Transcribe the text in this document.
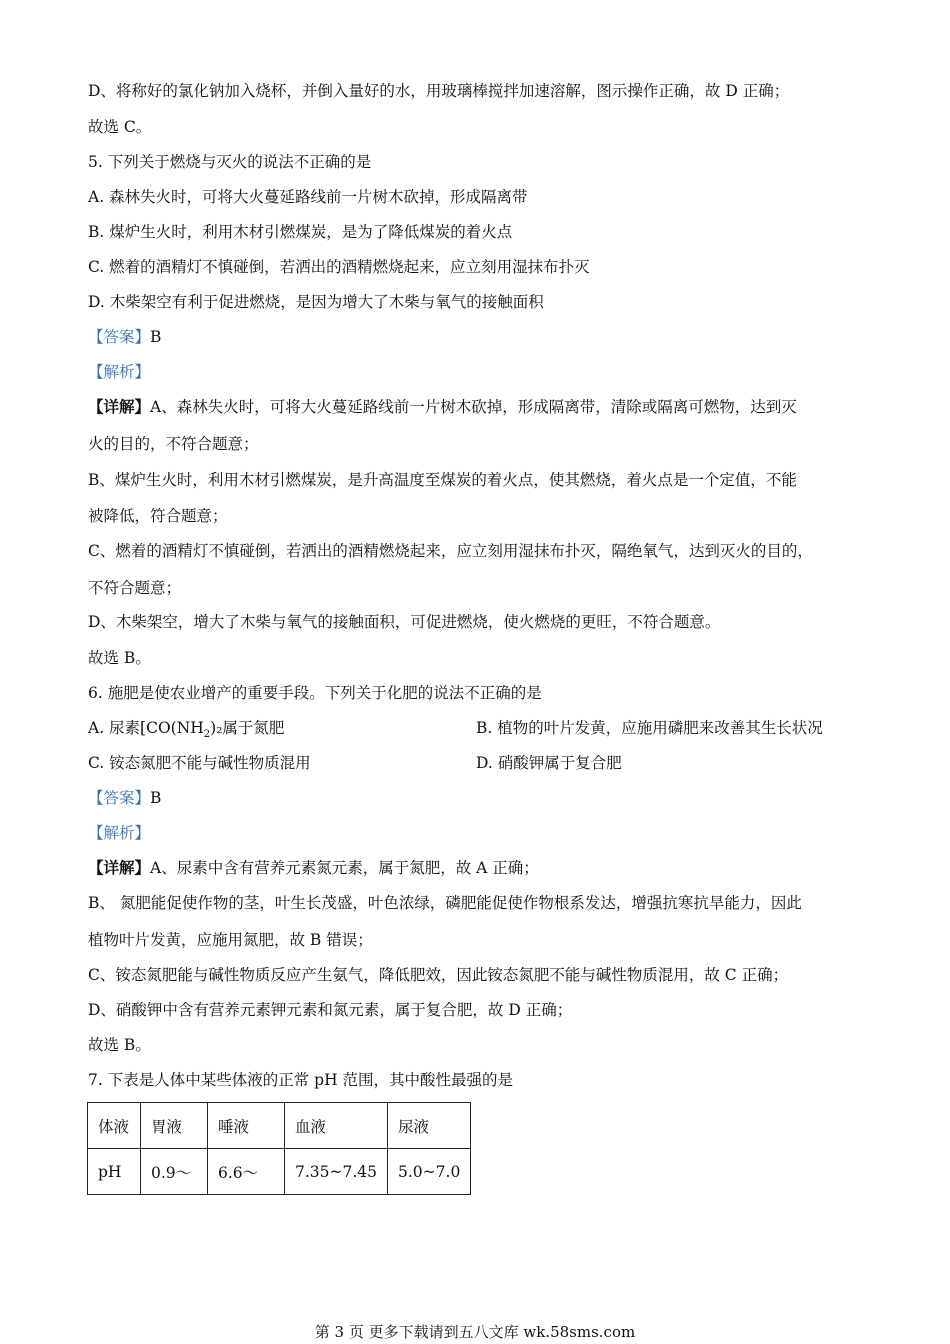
D、将称好的氯化钠加入烧杯，并倒入量好的水，用玻璃棒搅拌加速溶解，图示操作正确，故 D 正确；
故选 C。
5. 下列关于燃烧与灭火的说法不正确的是
A. 森林失火时，可将大火蔓延路线前一片树木砍掉，形成隔离带
B. 煤炉生火时，利用木材引燃煤炭，是为了降低煤炭的着火点
C. 燃着的酒精灯不慎碰倒，若洒出的酒精燃烧起来，应立刻用湿抹布扑灭
D. 木柴架空有利于促进燃烧，是因为增大了木柴与氧气的接触面积
【答案】B
【解析】
【详解】A、森林失火时，可将大火蔓延路线前一片树木砍掉，形成隔离带，清除或隔离可燃物，达到灭
火的目的，不符合题意；
B、煤炉生火时，利用木材引燃煤炭，是升高温度至煤炭的着火点，使其燃烧，着火点是一个定值，不能
被降低，符合题意；
C、燃着的酒精灯不慎碰倒，若洒出的酒精燃烧起来，应立刻用湿抹布扑灭，隔绝氧气，达到灭火的目的，
不符合题意；
D、木柴架空，增大了木柴与氧气的接触面积，可促进燃烧，使火燃烧的更旺，不符合题意。
故选 B。
6. 施肥是使农业增产的重要手段。下列关于化肥的说法不正确的是
A. 尿素[$CO(NH_2)_2$属于氮肥	B. 植物的叶片发黄，应施用磷肥来改善其生长状况
C. 铵态氮肥不能与碱性物质混用	D. 硝酸钾属于复合肥
【答案】B
【解析】
【详解】A、尿素中含有营养元素氮元素，属于氮肥，故 A 正确；
B、 氮肥能促使作物的茎，叶生长茂盛，叶色浓绿，磷肥能促使作物根系发达，增强抗寒抗旱能力，因此
植物叶片发黄，应施用氮肥，故 B 错误；
C、铵态氮肥能与碱性物质反应产生氨气，降低肥效，因此铵态氮肥不能与碱性物质混用，故 C 正确；
D、硝酸钾中含有营养元素钾元素和氮元素，属于复合肥，故 D 正确；
故选 B。
7. 下表是人体中某些体液的正常 pH 范围，其中酸性最强的是
体液	胃液	唾液	血液	尿液
pH	0.9～	6.6～	7.35~7.45	5.0~7.0
第 3 页 更多下载请到五八文库 wk.58sms.com
